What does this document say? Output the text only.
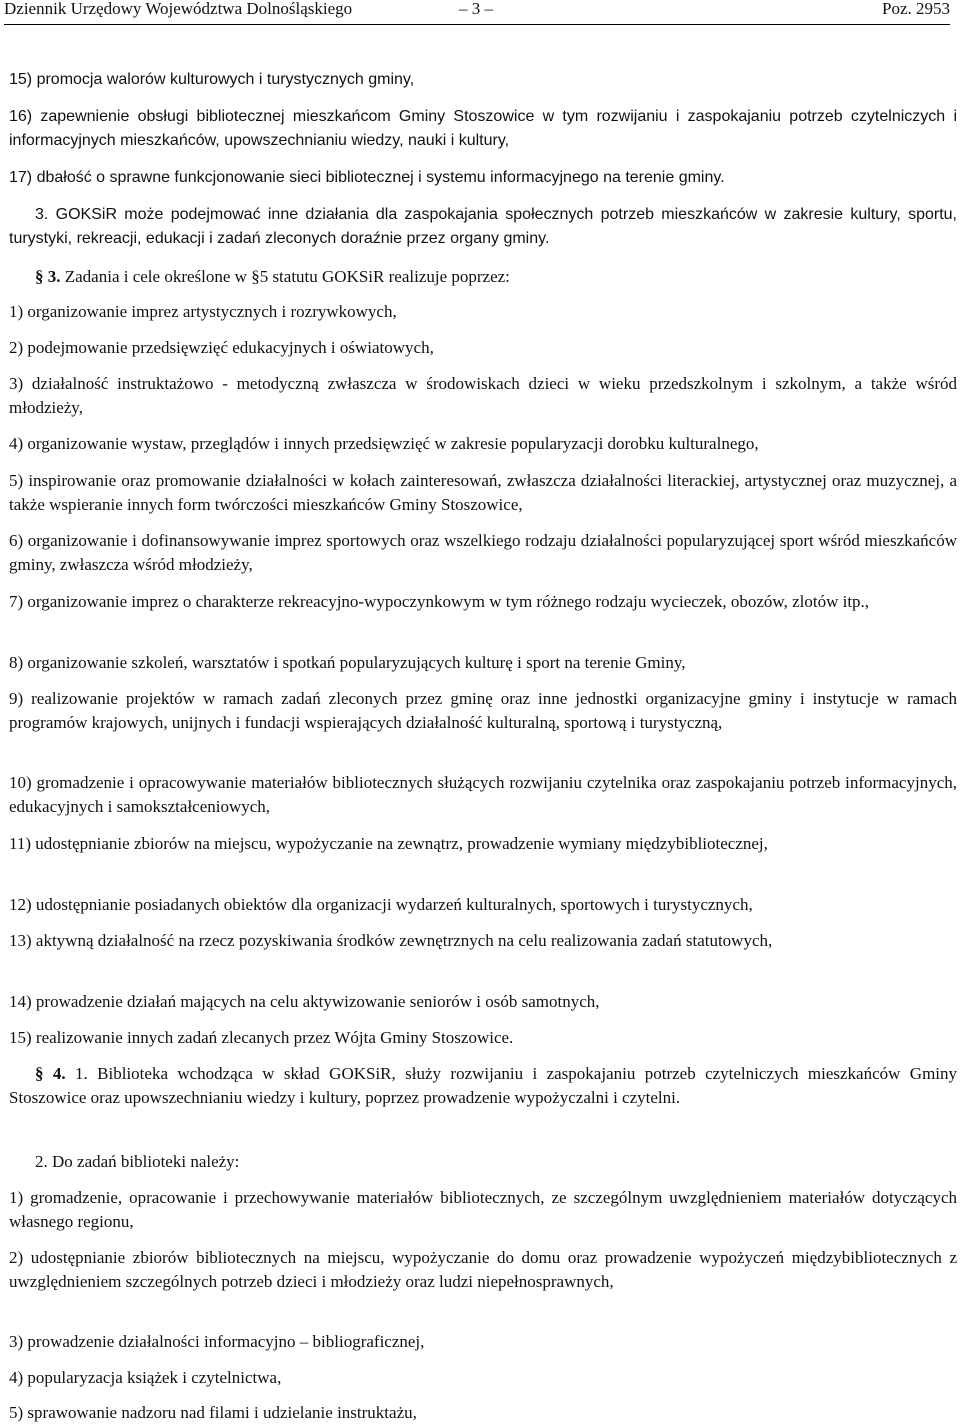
Dziennik Urzędowy Województwa Dolnośląskiego	– 3 –	Poz. 2953
15) promocja walorów kulturowych i turystycznych gminy,
16) zapewnienie obsługi bibliotecznej mieszkańcom Gminy Stoszowice w tym rozwijaniu i zaspokajaniu potrzeb czytelniczych i informacyjnych mieszkańców, upowszechnianiu wiedzy, nauki i kultury,
17) dbałość o sprawne funkcjonowanie sieci bibliotecznej i systemu informacyjnego na terenie gminy.
3. GOKSiR może podejmować inne działania dla zaspokajania społecznych potrzeb mieszkańców w zakresie kultury, sportu, turystyki, rekreacji, edukacji i zadań zleconych doraźnie przez organy gminy.
§ 3. Zadania i cele określone w §5 statutu GOKSiR realizuje poprzez:
1) organizowanie imprez artystycznych i rozrywkowych,
2) podejmowanie przedsięwzięć edukacyjnych i oświatowych,
3) działalność instruktażowo - metodyczną zwłaszcza w środowiskach dzieci w wieku przedszkolnym i szkolnym, a także wśród młodzieży,
4) organizowanie wystaw, przeglądów i innych przedsięwzięć w zakresie popularyzacji dorobku kulturalnego,
5) inspirowanie oraz promowanie działalności w kołach zainteresowań, zwłaszcza działalności literackiej, artystycznej oraz muzycznej, a także wspieranie innych form twórczości mieszkańców Gminy Stoszowice,
6) organizowanie i dofinansowywanie imprez sportowych oraz wszelkiego rodzaju działalności popularyzującej sport wśród mieszkańców gminy, zwłaszcza wśród młodzieży,
7) organizowanie imprez o charakterze rekreacyjno-wypoczynkowym w tym różnego rodzaju wycieczek, obozów, zlotów itp.,
8) organizowanie szkoleń, warsztatów i spotkań popularyzujących kulturę i sport na terenie Gminy,
9) realizowanie projektów w ramach zadań zleconych przez gminę oraz inne jednostki organizacyjne gminy i instytucje w ramach programów krajowych, unijnych i fundacji wspierających działalność kulturalną, sportową i turystyczną,
10) gromadzenie i opracowywanie materiałów bibliotecznych służących rozwijaniu czytelnika oraz zaspokajaniu potrzeb informacyjnych, edukacyjnych i samokształceniowych,
11) udostępnianie zbiorów na miejscu, wypożyczanie na zewnątrz, prowadzenie wymiany międzybibliotecznej,
12) udostępnianie posiadanych obiektów dla organizacji wydarzeń kulturalnych, sportowych i turystycznych,
13) aktywną działalność na rzecz pozyskiwania środków zewnętrznych na celu realizowania zadań statutowych,
14) prowadzenie działań mających na celu aktywizowanie seniorów i osób samotnych,
15) realizowanie innych zadań zlecanych przez Wójta Gminy Stoszowice.
§ 4. 1. Biblioteka wchodząca w skład GOKSiR, służy rozwijaniu i zaspokajaniu potrzeb czytelniczych mieszkańców Gminy Stoszowice oraz upowszechnianiu wiedzy i kultury, poprzez prowadzenie wypożyczalni i czytelni.
2. Do zadań biblioteki należy:
1) gromadzenie, opracowanie i przechowywanie materiałów bibliotecznych, ze szczególnym uwzględnieniem materiałów dotyczących własnego regionu,
2) udostępnianie zbiorów bibliotecznych na miejscu, wypożyczanie do domu oraz prowadzenie wypożyczeń międzybibliotecznych z uwzględnieniem szczególnych potrzeb dzieci i młodzieży oraz ludzi niepełnosprawnych,
3) prowadzenie działalności informacyjno – bibliograficznej,
4) popularyzacja książek i czytelnictwa,
5) sprawowanie nadzoru nad filami i udzielanie instruktażu,
